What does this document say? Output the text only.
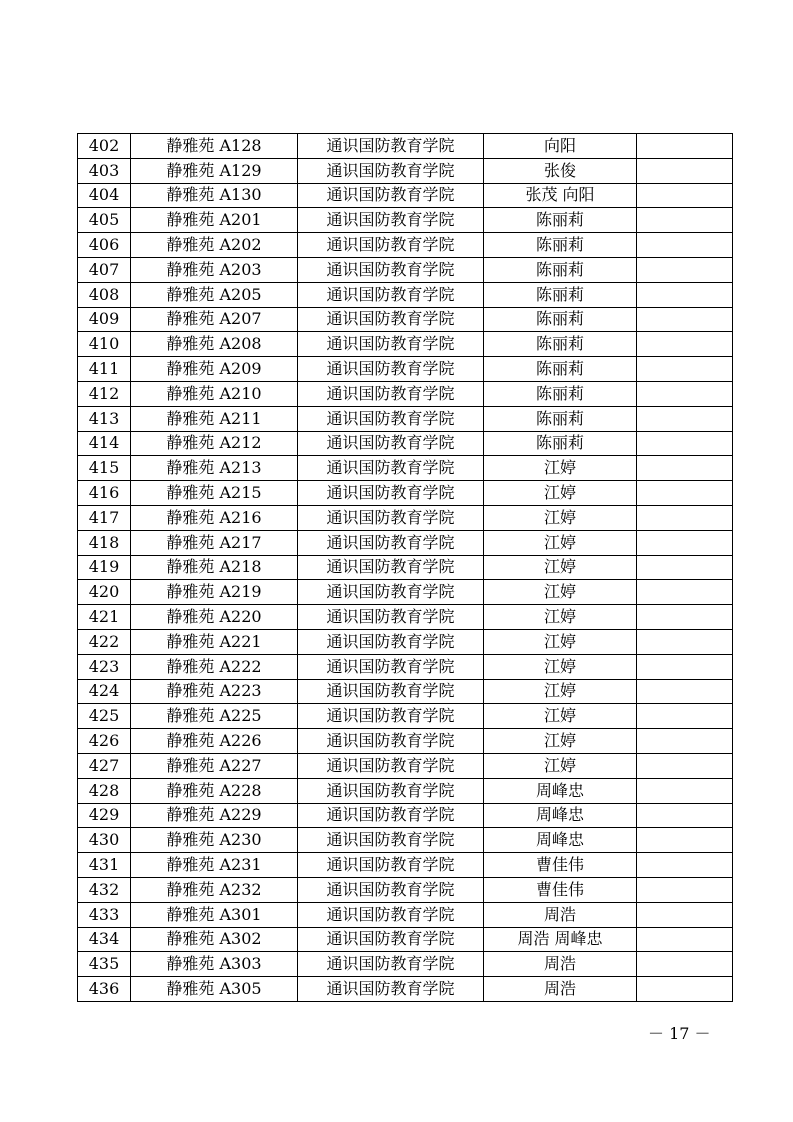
402	静雅苑 A128	通识国防教育学院	向阳	
403	静雅苑 A129	通识国防教育学院	张俊	
404	静雅苑 A130	通识国防教育学院	张茂 向阳	
405	静雅苑 A201	通识国防教育学院	陈丽莉	
406	静雅苑 A202	通识国防教育学院	陈丽莉	
407	静雅苑 A203	通识国防教育学院	陈丽莉	
408	静雅苑 A205	通识国防教育学院	陈丽莉	
409	静雅苑 A207	通识国防教育学院	陈丽莉	
410	静雅苑 A208	通识国防教育学院	陈丽莉	
411	静雅苑 A209	通识国防教育学院	陈丽莉	
412	静雅苑 A210	通识国防教育学院	陈丽莉	
413	静雅苑 A211	通识国防教育学院	陈丽莉	
414	静雅苑 A212	通识国防教育学院	陈丽莉	
415	静雅苑 A213	通识国防教育学院	江婷	
416	静雅苑 A215	通识国防教育学院	江婷	
417	静雅苑 A216	通识国防教育学院	江婷	
418	静雅苑 A217	通识国防教育学院	江婷	
419	静雅苑 A218	通识国防教育学院	江婷	
420	静雅苑 A219	通识国防教育学院	江婷	
421	静雅苑 A220	通识国防教育学院	江婷	
422	静雅苑 A221	通识国防教育学院	江婷	
423	静雅苑 A222	通识国防教育学院	江婷	
424	静雅苑 A223	通识国防教育学院	江婷	
425	静雅苑 A225	通识国防教育学院	江婷	
426	静雅苑 A226	通识国防教育学院	江婷	
427	静雅苑 A227	通识国防教育学院	江婷	
428	静雅苑 A228	通识国防教育学院	周峰忠	
429	静雅苑 A229	通识国防教育学院	周峰忠	
430	静雅苑 A230	通识国防教育学院	周峰忠	
431	静雅苑 A231	通识国防教育学院	曹佳伟	
432	静雅苑 A232	通识国防教育学院	曹佳伟	
433	静雅苑 A301	通识国防教育学院	周浩	
434	静雅苑 A302	通识国防教育学院	周浩 周峰忠	
435	静雅苑 A303	通识国防教育学院	周浩	
436	静雅苑 A305	通识国防教育学院	周浩	
－ 17 －
